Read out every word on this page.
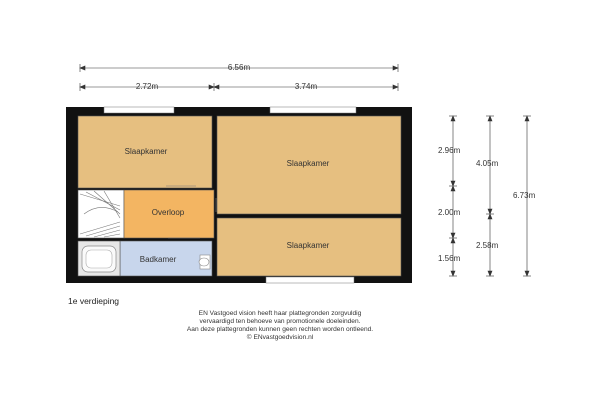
Slaapkamer
Slaapkamer
Slaapkamer
Overloop
Badkamer
6.56m
2.72m	3.74m
2.96m
2.00m
1.56m
4.05m
2.58m
6.73m
1e verdieping
EN Vastgoed vision heeft haar plattegronden zorgvuldig
vervaardigd ten behoeve van promotionele doeleinden.
Aan deze plattegronden kunnen geen rechten worden ontleend.
© ENvastgoedvision.nl
